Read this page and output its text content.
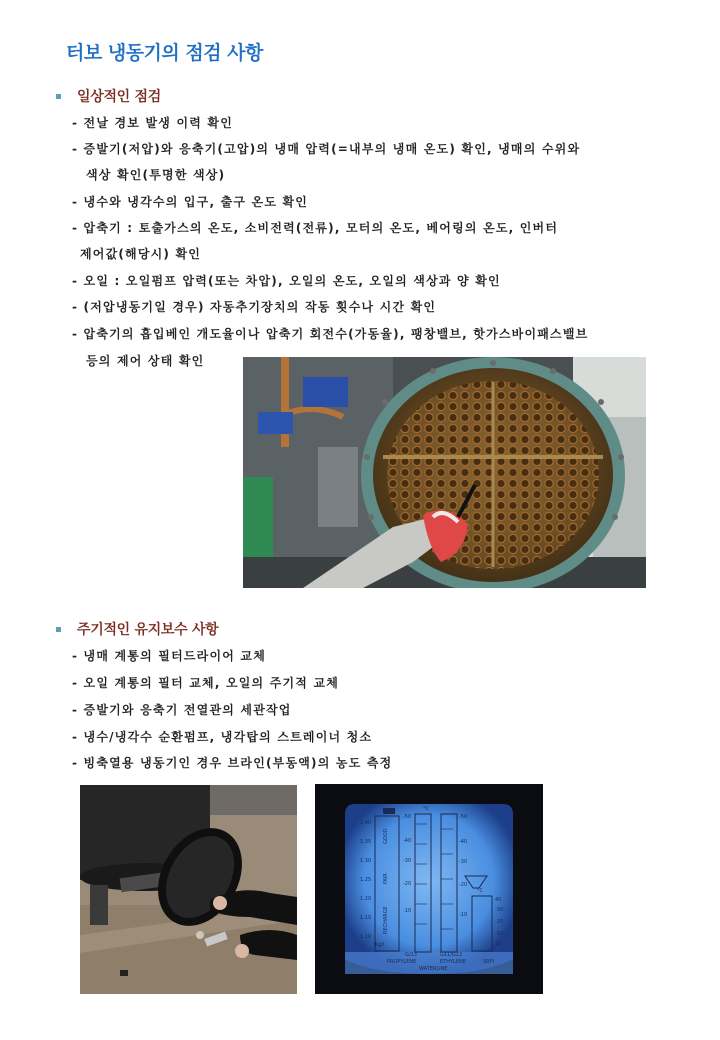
터보 냉동기의 점검 사항
일상적인 점검
- 전날 경보 발생 이력 확인
- 증발기(저압)와 응축기(고압)의 냉매 압력(=내부의 냉매 온도) 확인, 냉매의 수위와
색상 확인(투명한 색상)
- 냉수와 냉각수의 입구, 출구 온도 확인
- 압축기 : 토출가스의 온도, 소비전력(전류), 모터의 온도, 베어링의 온도, 인버터
제어값(해당시) 확인
- 오일 : 오일펌프 압력(또는 차압), 오일의 온도, 오일의 색상과 양 확인
- (저압냉동기일 경우) 자동추기장치의 작동 횟수나 시간 확인
- 압축기의 흡입베인 개도율이나 압축기 회전수(가동율), 팽창밸브, 핫가스바이패스밸브
등의 제어 상태 확인
주기적인 유지보수 사항
- 냉매 계통의 필터드라이어 교체
- 오일 계통의 필터 교체, 오일의 주기적 교체
- 증발기와 응축기 전열관의 세관작업
- 냉수/냉각수 순환펌프, 냉각탑의 스트레이너 청소
- 빙축열용 냉동기인 경우 브라인(부동액)의 농도 측정
°C
°C
1.40
1.35
1.30
1.25
1.20
1.15
1.10
Kg/l
-50
-40
-30
-20
-10
-50
-40
-30
-20
-10
40
-30
-20
-10
10
GOOD
FAIR
RECHARGE
G/13	G11/G12
PROPYLENE	ETHYLENE	SRFI
WATERLINE
